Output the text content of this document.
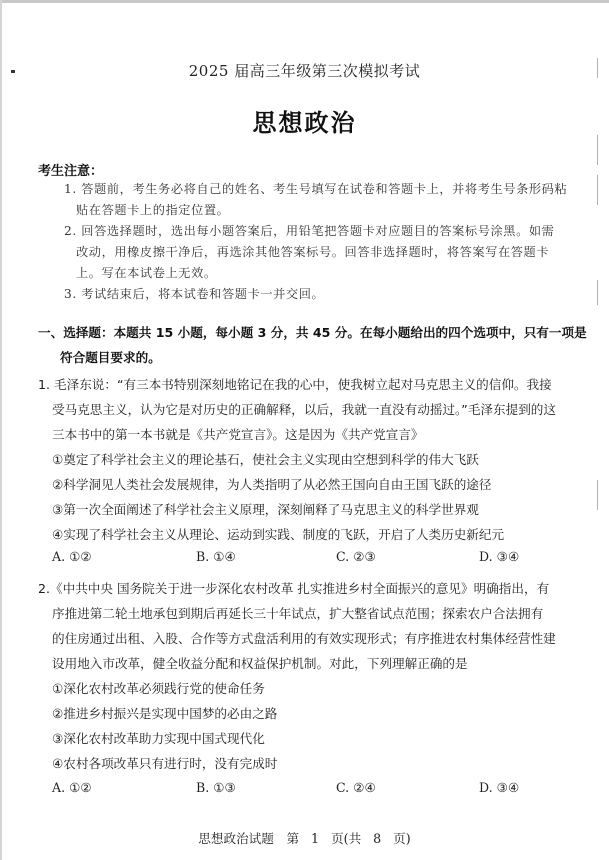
2025 届高三年级第三次模拟考试
思想政治
考生注意：
1. 答题前，考生务必将自己的姓名、考生号填写在试卷和答题卡上，并将考生号条形码粘
贴在答题卡上的指定位置。
2. 回答选择题时，选出每小题答案后，用铅笔把答题卡对应题目的答案标号涂黑。如需
改动，用橡皮擦干净后，再选涂其他答案标号。回答非选择题时，将答案写在答题卡
上。写在本试卷上无效。
3. 考试结束后，将本试卷和答题卡一并交回。
一、选择题：本题共 15 小题，每小题 3 分，共 45 分。在每小题给出的四个选项中，只有一项是
符合题目要求的。
1. 毛泽东说：“有三本书特别深刻地铭记在我的心中，使我树立起对马克思主义的信仰。我接
受马克思主义，认为它是对历史的正确解释，以后，我就一直没有动摇过。”毛泽东提到的这
三本书中的第一本书就是《共产党宣言》。这是因为《共产党宣言》
①奠定了科学社会主义的理论基石，使社会主义实现由空想到科学的伟大飞跃
②科学洞见人类社会发展规律，为人类指明了从必然王国向自由王国飞跃的途径
③第一次全面阐述了科学社会主义原理，深刻阐释了马克思主义的科学世界观
④实现了科学社会主义从理论、运动到实践、制度的飞跃，开启了人类历史新纪元
A. ①②	B. ①④	C. ②③	D. ③④
2.《中共中央 国务院关于进一步深化农村改革 扎实推进乡村全面振兴的意见》明确指出，有
序推进第二轮土地承包到期后再延长三十年试点，扩大整省试点范围；探索农户合法拥有
的住房通过出租、入股、合作等方式盘活利用的有效实现形式；有序推进农村集体经营性建
设用地入市改革，健全收益分配和权益保护机制。对此，下列理解正确的是
①深化农村改革必须践行党的使命任务
②推进乡村振兴是实现中国梦的必由之路
③深化农村改革助力实现中国式现代化
④农村各项改革只有进行时，没有完成时
A. ①②	B. ①③	C. ②④	D. ③④
思想政治试题　第 1 页(共 8 页)
